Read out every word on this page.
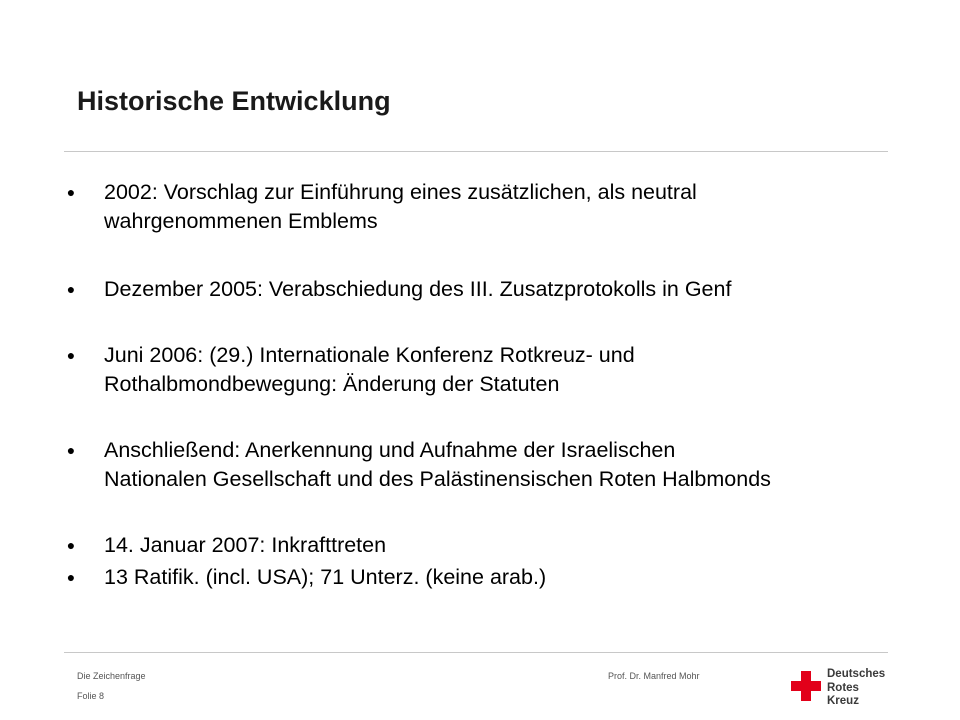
Historische Entwicklung
● 2002: Vorschlag zur Einführung eines zusätzlichen, als neutral
wahrgenommenen Emblems
● Dezember 2005: Verabschiedung des III. Zusatzprotokolls in Genf
● Juni 2006: (29.) Internationale Konferenz Rotkreuz- und
Rothalbmondbewegung: Änderung der Statuten
● Anschließend: Anerkennung und Aufnahme der Israelischen
Nationalen Gesellschaft und des Palästinensischen Roten Halbmonds
● 14. Januar 2007: Inkrafttreten
● 13 Ratifik. (incl. USA); 71 Unterz. (keine arab.)
Die Zeichenfrage
Folie 8
Prof. Dr. Manfred Mohr	Deutsches
Rotes
Kreuz
